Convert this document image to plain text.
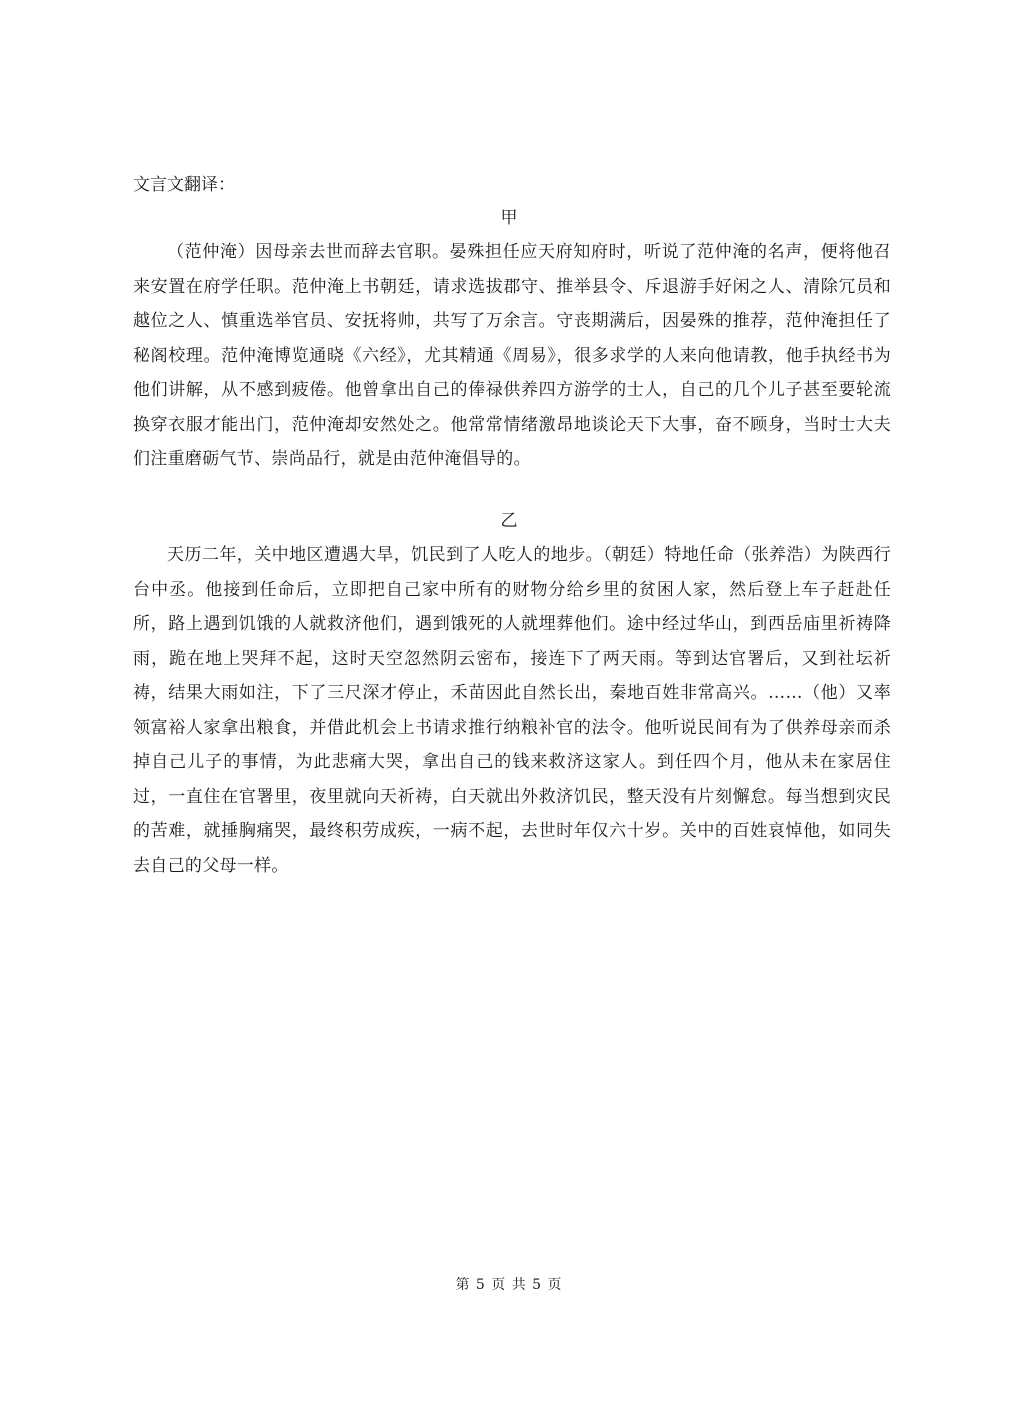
文言文翻译：

甲

（范仲淹）因母亲去世而辞去官职。晏殊担任应天府知府时，听说了范仲淹的名声，便将他召来安置在府学任职。范仲淹上书朝廷，请求选拔郡守、推举县令、斥退游手好闲之人、清除冗员和越位之人、慎重选举官员、安抚将帅，共写了万余言。守丧期满后，因晏殊的推荐，范仲淹担任了秘阁校理。范仲淹博览通晓《六经》，尤其精通《周易》，很多求学的人来向他请教，他手执经书为他们讲解，从不感到疲倦。他曾拿出自己的俸禄供养四方游学的士人，自己的几个儿子甚至要轮流换穿衣服才能出门，范仲淹却安然处之。他常常情绪激昂地谈论天下大事，奋不顾身，当时士大夫们注重磨砺气节、崇尚品行，就是由范仲淹倡导的。

乙

天历二年，关中地区遭遇大旱，饥民到了人吃人的地步。（朝廷）特地任命（张养浩）为陕西行台中丞。他接到任命后，立即把自己家中所有的财物分给乡里的贫困人家，然后登上车子赶赴任所，路上遇到饥饿的人就救济他们，遇到饿死的人就埋葬他们。途中经过华山，到西岳庙里祈祷降雨，跪在地上哭拜不起，这时天空忽然阴云密布，接连下了两天雨。等到达官署后，又到社坛祈祷，结果大雨如注，下了三尺深才停止，禾苗因此自然长出，秦地百姓非常高兴。……（他）又率领富裕人家拿出粮食，并借此机会上书请求推行纳粮补官的法令。他听说民间有为了供养母亲而杀掉自己儿子的事情，为此悲痛大哭，拿出自己的钱来救济这家人。到任四个月，他从未在家居住过，一直住在官署里，夜里就向天祈祷，白天就出外救济饥民，整天没有片刻懈怠。每当想到灾民的苦难，就捶胸痛哭，最终积劳成疾，一病不起，去世时年仅六十岁。关中的百姓哀悼他，如同失去自己的父母一样。

第 5 页 共 5 页
